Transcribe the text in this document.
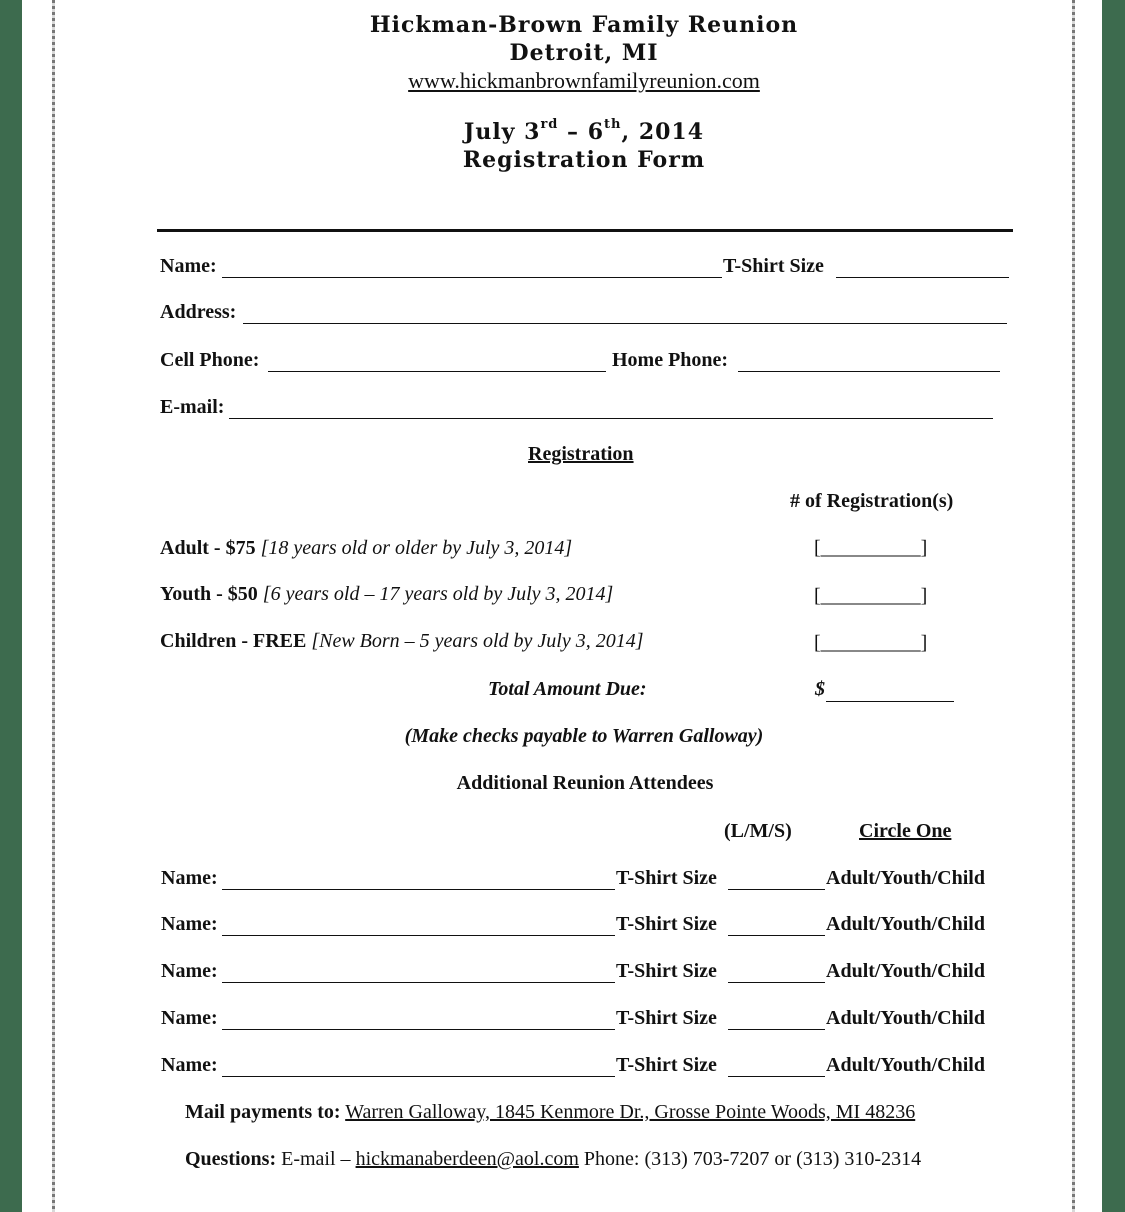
Hickman-Brown Family Reunion
Detroit, MI
www.hickmanbrownfamilyreunion.com
July 3rd – 6th, 2014
Registration Form
Name:	T-Shirt Size
Address:
Cell Phone:	Home Phone:
E-mail:
Registration
# of Registration(s)
Adult - $75 [18 years old or older by July 3, 2014]	[__________]
Youth - $50 [6 years old – 17 years old by July 3, 2014]	[__________]
Children - FREE [New Born – 5 years old by July 3, 2014]	[__________]
Total Amount Due:	$
(Make checks payable to Warren Galloway)
Additional Reunion Attendees
(L/M/S)	Circle One
Name:	T-Shirt Size	Adult/Youth/Child
Name:	T-Shirt Size	Adult/Youth/Child
Name:	T-Shirt Size	Adult/Youth/Child
Name:	T-Shirt Size	Adult/Youth/Child
Name:	T-Shirt Size	Adult/Youth/Child
Mail payments to: Warren Galloway, 1845 Kenmore Dr., Grosse Pointe Woods, MI 48236
Questions: E-mail – hickmanaberdeen@aol.com Phone: (313) 703-7207 or (313) 310-2314
